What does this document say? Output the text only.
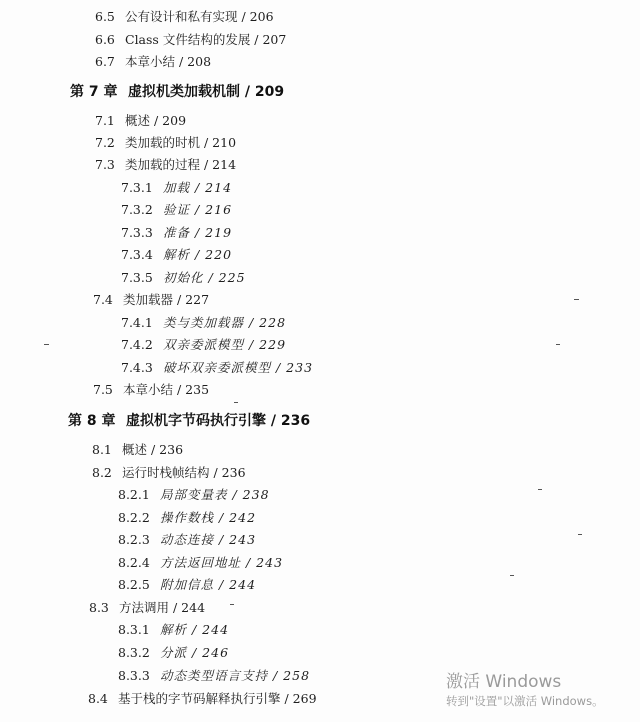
6.5 公有设计和私有实现 / 206
6.6 Class 文件结构的发展 / 207
6.7 本章小结 / 208
第 7 章 虚拟机类加载机制 / 209
7.1 概述 / 209
7.2 类加载的时机 / 210
7.3 类加载的过程 / 214
7.3.1 加载 / 214
7.3.2 验证 / 216
7.3.3 准备 / 219
7.3.4 解析 / 220
7.3.5 初始化 / 225
7.4 类加载器 / 227
7.4.1 类与类加载器 / 228
7.4.2 双亲委派模型 / 229
7.4.3 破坏双亲委派模型 / 233
7.5 本章小结 / 235
第 8 章 虚拟机字节码执行引擎 / 236
8.1 概述 / 236
8.2 运行时栈帧结构 / 236
8.2.1 局部变量表 / 238
8.2.2 操作数栈 / 242
8.2.3 动态连接 / 243
8.2.4 方法返回地址 / 243
8.2.5 附加信息 / 244
8.3 方法调用 / 244
8.3.1 解析 / 244
8.3.2 分派 / 246
8.3.3 动态类型语言支持 / 258
8.4 基于栈的字节码解释执行引擎 / 269
激活 Windows
转到"设置"以激活 Windows。
